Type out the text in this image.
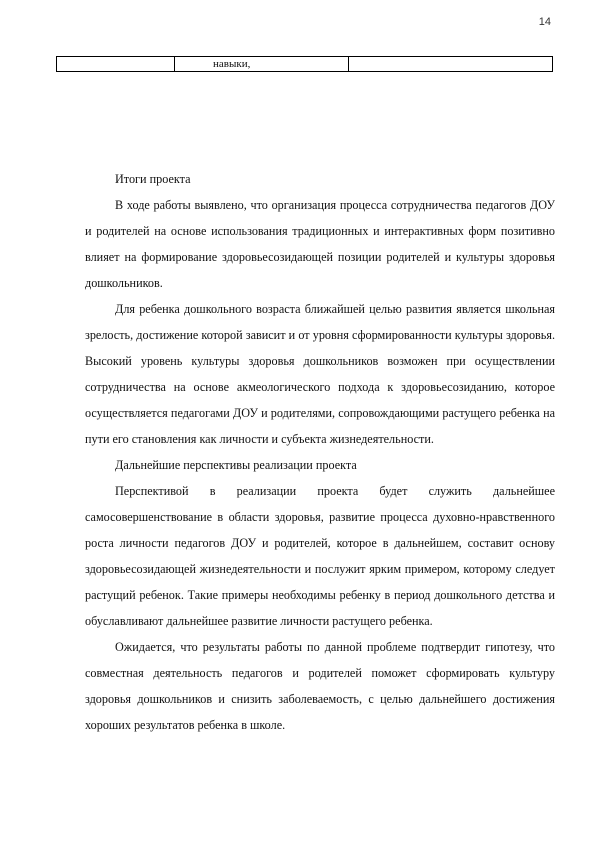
14
навыки,
Итоги проекта

В ходе работы выявлено, что организация процесса сотрудничества педагогов ДОУ и родителей на основе использования традиционных и интерактивных форм позитивно влияет на формирование здоровьесозидающей позиции родителей и культуры здоровья дошкольников.

Для ребенка дошкольного возраста ближайшей целью развития является школьная зрелость, достижение которой зависит и от уровня сформированности культуры здоровья. Высокий уровень культуры здоровья дошкольников возможен при осуществлении сотрудничества на основе акмеологического подхода к здоровьесозиданию, которое осуществляется педагогами ДОУ и родителями, сопровождающими растущего ребенка на пути его становления как личности и субъекта жизнедеятельности.

Дальнейшие перспективы реализации проекта

Перспективой в реализации проекта будет служить дальнейшее самосовершенствование в области здоровья, развитие процесса духовно-нравственного роста личности педагогов ДОУ и родителей, которое в дальнейшем, составит основу здоровьесозидающей жизнедеятельности и послужит ярким примером, которому следует растущий ребенок. Такие примеры необходимы ребенку в период дошкольного детства и обуславливают дальнейшее развитие личности растущего ребенка.

Ожидается, что результаты работы по данной проблеме подтвердит гипотезу, что совместная деятельность педагогов и родителей поможет сформировать культуру здоровья дошкольников и снизить заболеваемость, с целью дальнейшего достижения хороших результатов ребенка в школе.
